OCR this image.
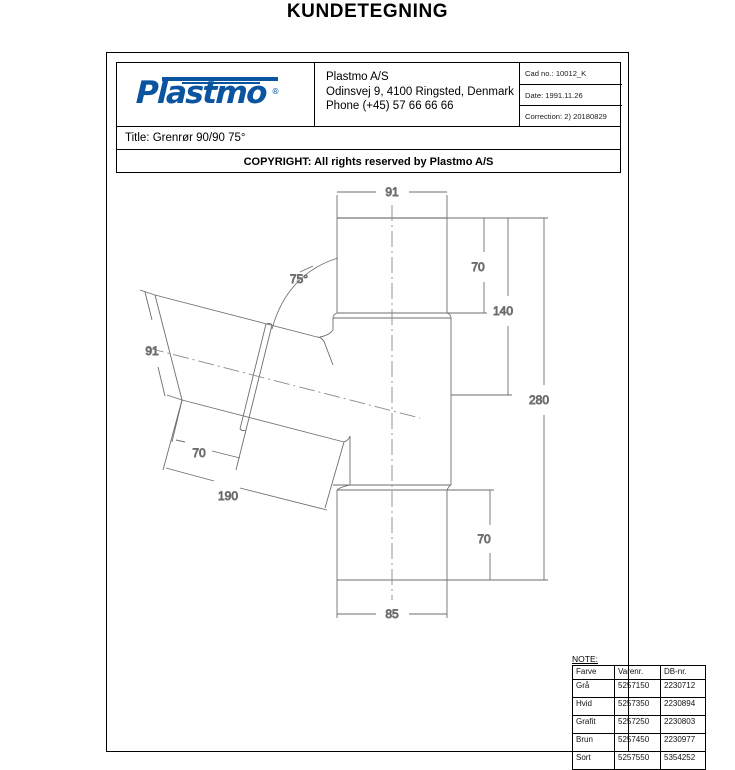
KUNDETEGNING
Plastmo ®
Plastmo A/S
Odinsvej 9, 4100 Ringsted, Denmark
Phone (+45) 57 66 66 66
Cad no.: 10012_K
Date: 1991.11.26
Correction: 2) 20180829
Title: Grenrør 90/90 75°
COPYRIGHT: All rights reserved by Plastmo A/S
NOTE:
Farve	Varenr.	DB-nr.
Grå	5257150	2230712
Hvid	5257350	2230894
Grafit	5257250	2230803
Brun	5257450	2230977
Sort	5257550	5354252
91
70
140
280
70
85
75°
91
70
190
